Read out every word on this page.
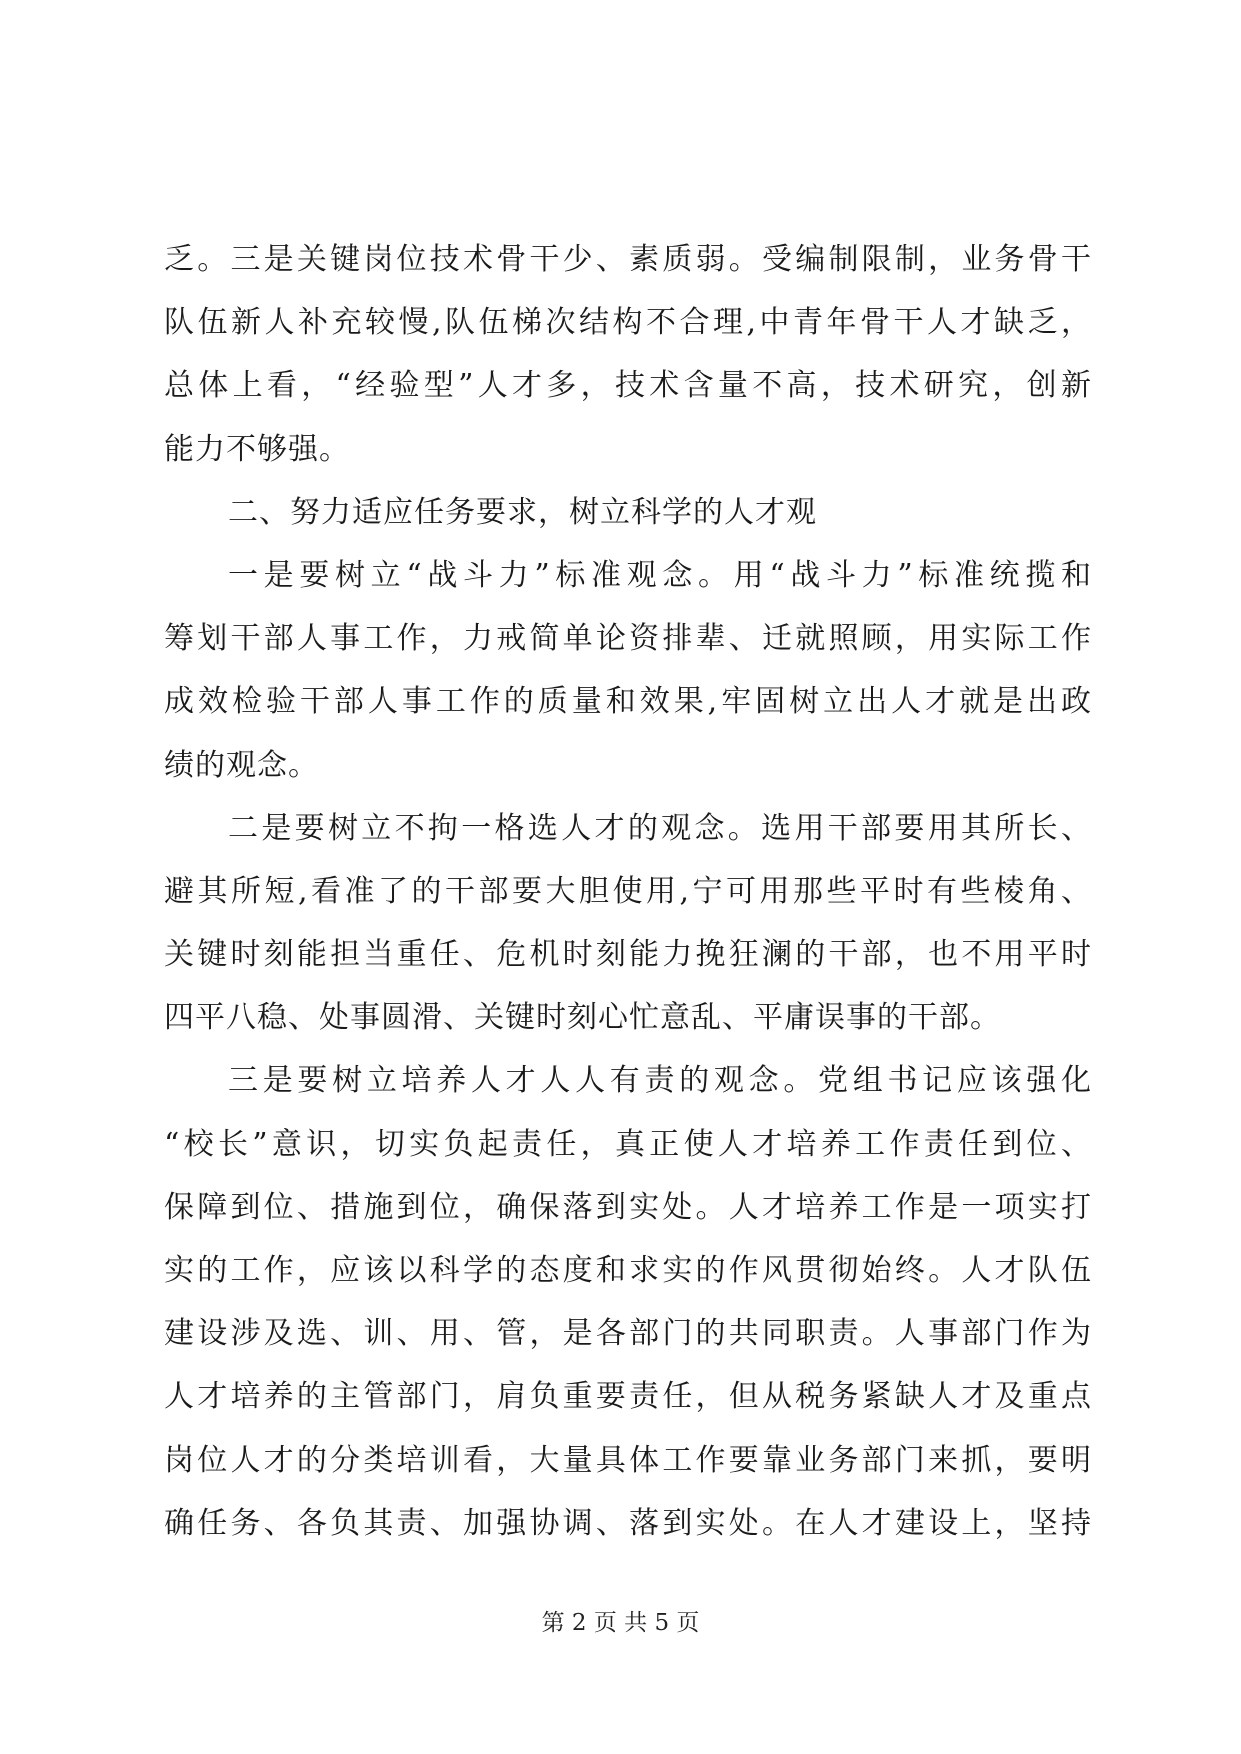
乏。三是关键岗位技术骨干少、素质弱。受编制限制，业务骨干
队伍新人补充较慢,队伍梯次结构不合理,中青年骨干人才缺乏，
总体上看，“经验型”人才多，技术含量不高，技术研究，创新
能力不够强。
二、努力适应任务要求，树立科学的人才观
一是要树立“战斗力”标准观念。用“战斗力”标准统揽和
筹划干部人事工作，力戒简单论资排辈、迁就照顾，用实际工作
成效检验干部人事工作的质量和效果,牢固树立出人才就是出政
绩的观念。
二是要树立不拘一格选人才的观念。选用干部要用其所长、
避其所短,看准了的干部要大胆使用,宁可用那些平时有些棱角、
关键时刻能担当重任、危机时刻能力挽狂澜的干部，也不用平时
四平八稳、处事圆滑、关键时刻心忙意乱、平庸误事的干部。
三是要树立培养人才人人有责的观念。党组书记应该强化
“校长”意识，切实负起责任，真正使人才培养工作责任到位、
保障到位、措施到位，确保落到实处。人才培养工作是一项实打
实的工作，应该以科学的态度和求实的作风贯彻始终。人才队伍
建设涉及选、训、用、管，是各部门的共同职责。人事部门作为
人才培养的主管部门，肩负重要责任，但从税务紧缺人才及重点
岗位人才的分类培训看，大量具体工作要靠业务部门来抓，要明
确任务、各负其责、加强协调、落到实处。在人才建设上，坚持
第 2 页 共 5 页
